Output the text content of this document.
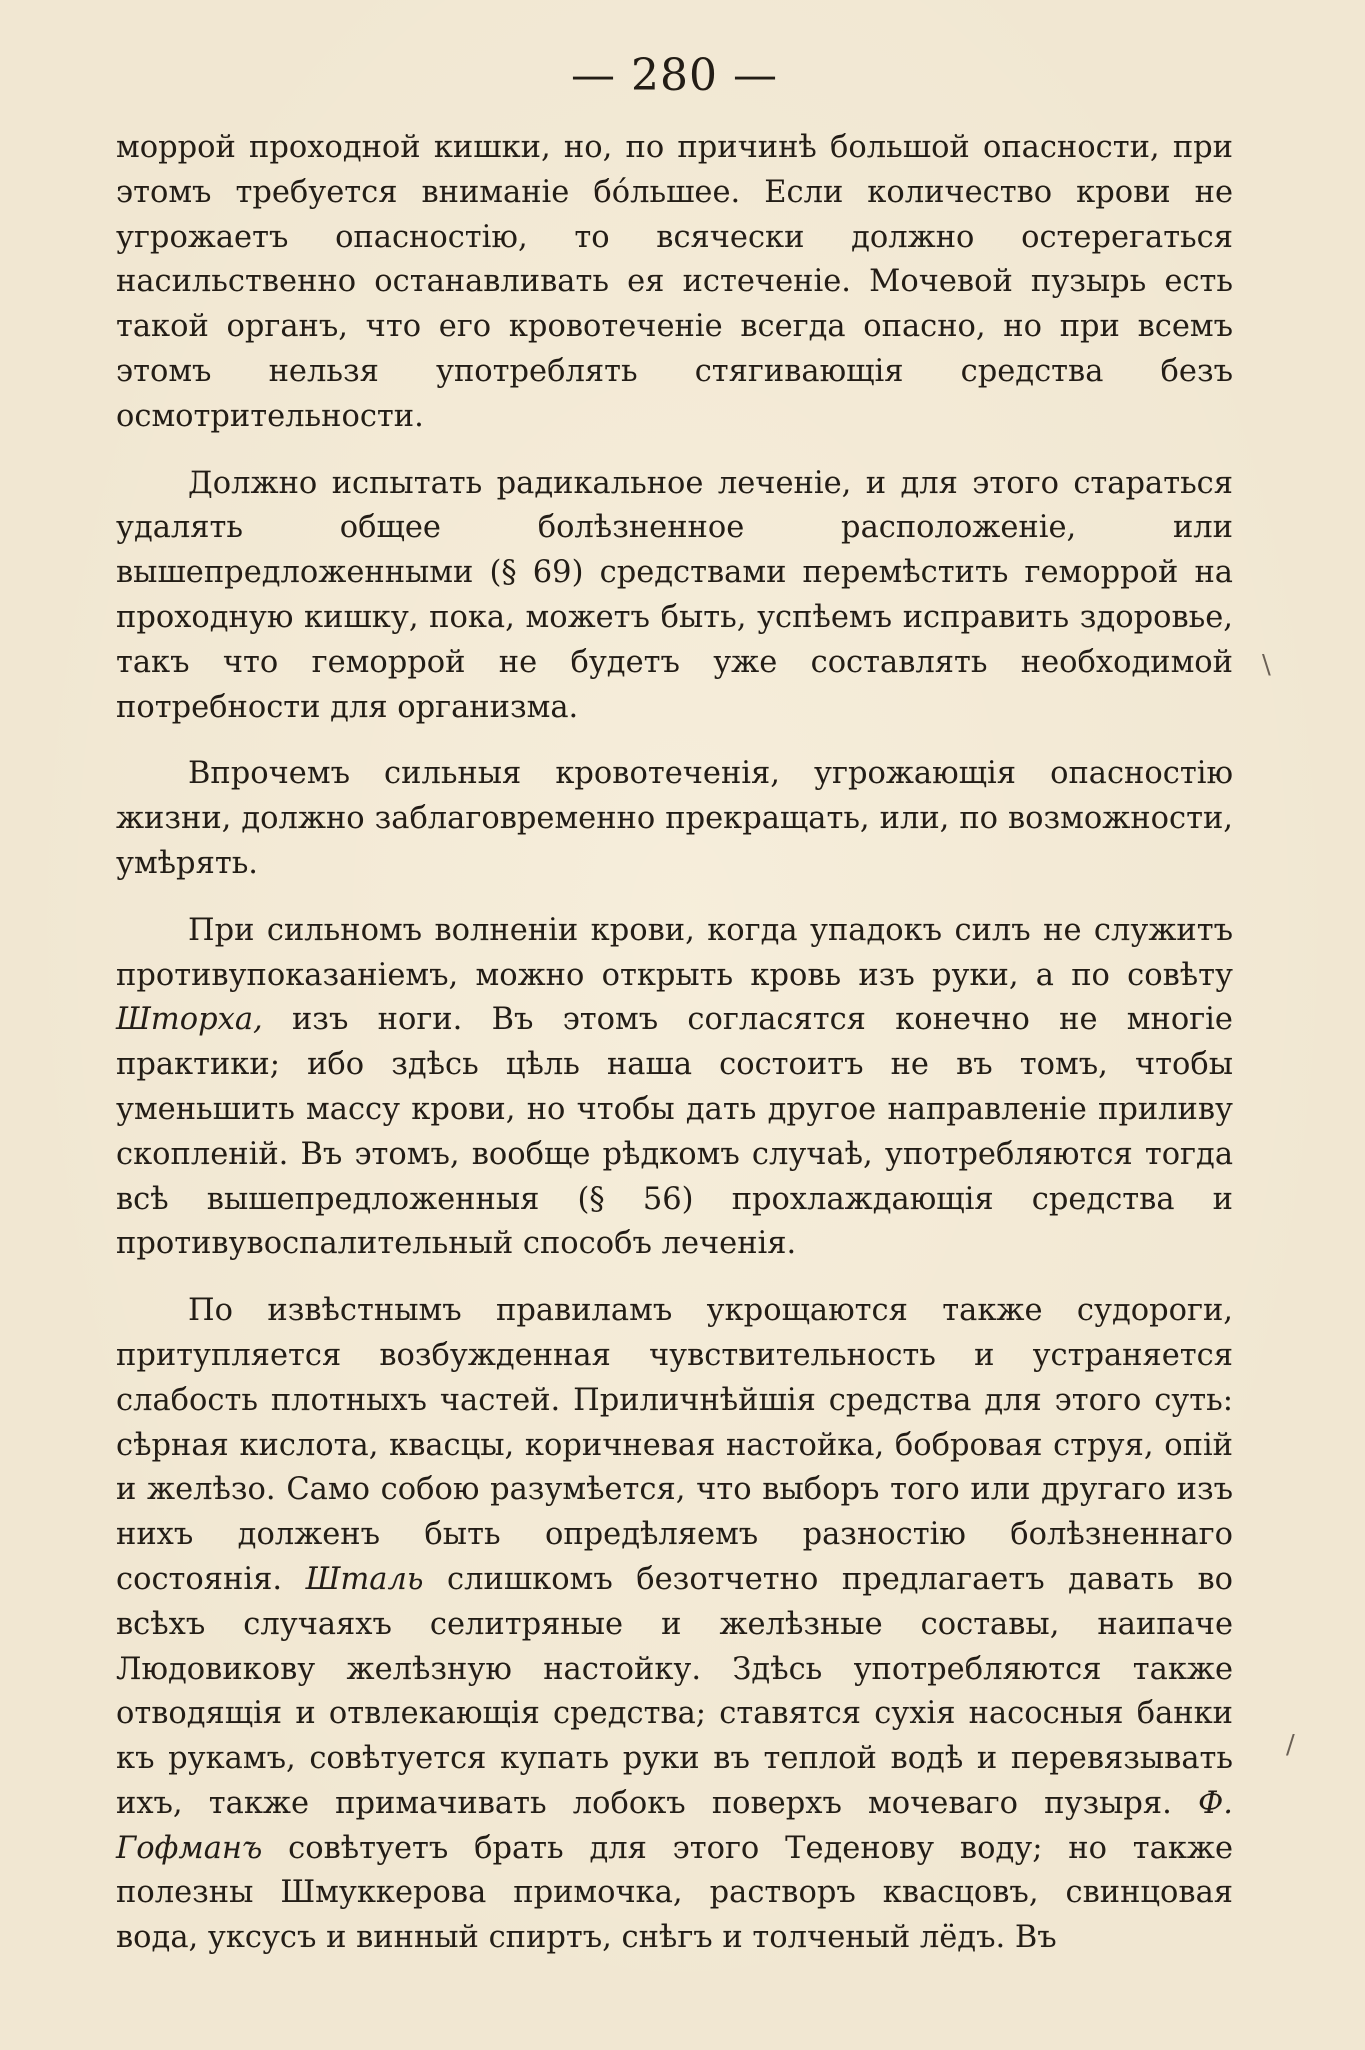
— 280 —

моррой проходной кишки, но, по причинѣ большой опасности, при этомъ требуется вниманіе бо́льшее. Если количество крови не угрожаетъ опасностію, то всячески должно остерегаться насильственно останавливать ея истеченіе. Мочевой пузырь есть такой органъ, что его кровотеченіе всегда опасно, но при всемъ этомъ нельзя употреблять стягивающія средства безъ осмотрительности.

Должно испытать радикальное леченіе, и для этого стараться удалять общее болѣзненное расположеніе, или вышепредложенными (§ 69) средствами перемѣстить геморрой на проходную кишку, пока, можетъ быть, успѣемъ исправить здоровье, такъ что геморрой не будетъ уже составлять необходимой потребности для организма.

Впрочемъ сильныя кровотеченія, угрожающія опасностію жизни, должно заблаговременно прекращать, или, по возможности, умѣрять.

При сильномъ волненіи крови, когда упадокъ силъ не служитъ противупоказаніемъ, можно открыть кровь изъ руки, а по совѣту Шторха, изъ ноги. Въ этомъ согласятся конечно не многіе практики; ибо здѣсь цѣль наша состоитъ не въ томъ, чтобы уменьшить массу крови, но чтобы дать другое направленіе приливу скопленій. Въ этомъ, вообще рѣдкомъ случаѣ, употребляются тогда всѣ вышепредложенныя (§ 56) прохлаждающія средства и противувоспалительный способъ леченія.

По извѣстнымъ правиламъ укрощаются также судороги, притупляется возбужденная чувствительность и устраняется слабость плотныхъ частей. Приличнѣйшія средства для этого суть: сѣрная кислота, квасцы, коричневая настойка, бобровая струя, опій и желѣзо. Само собою разумѣется, что выборъ того или другаго изъ нихъ долженъ быть опредѣляемъ разностію болѣзненнаго состоянія. Шталь слишкомъ безотчетно предлагаетъ давать во всѣхъ случаяхъ селитряные и желѣзные составы, наипаче Людовикову желѣзную настойку. Здѣсь употребляются также отводящія и отвлекающія средства; ставятся сухія насосныя банки къ рукамъ, совѣтуется купать руки въ теплой водѣ и перевязывать ихъ, также примачивать лобокъ поверхъ мочеваго пузыря. Ф. Гофманъ совѣтуетъ брать для этого Теденову воду; но также полезны Шмуккерова примочка, растворъ квасцовъ, свинцовая вода, уксусъ и винный спиртъ, снѣгъ и толченый лёдъ. Въ

\
/
